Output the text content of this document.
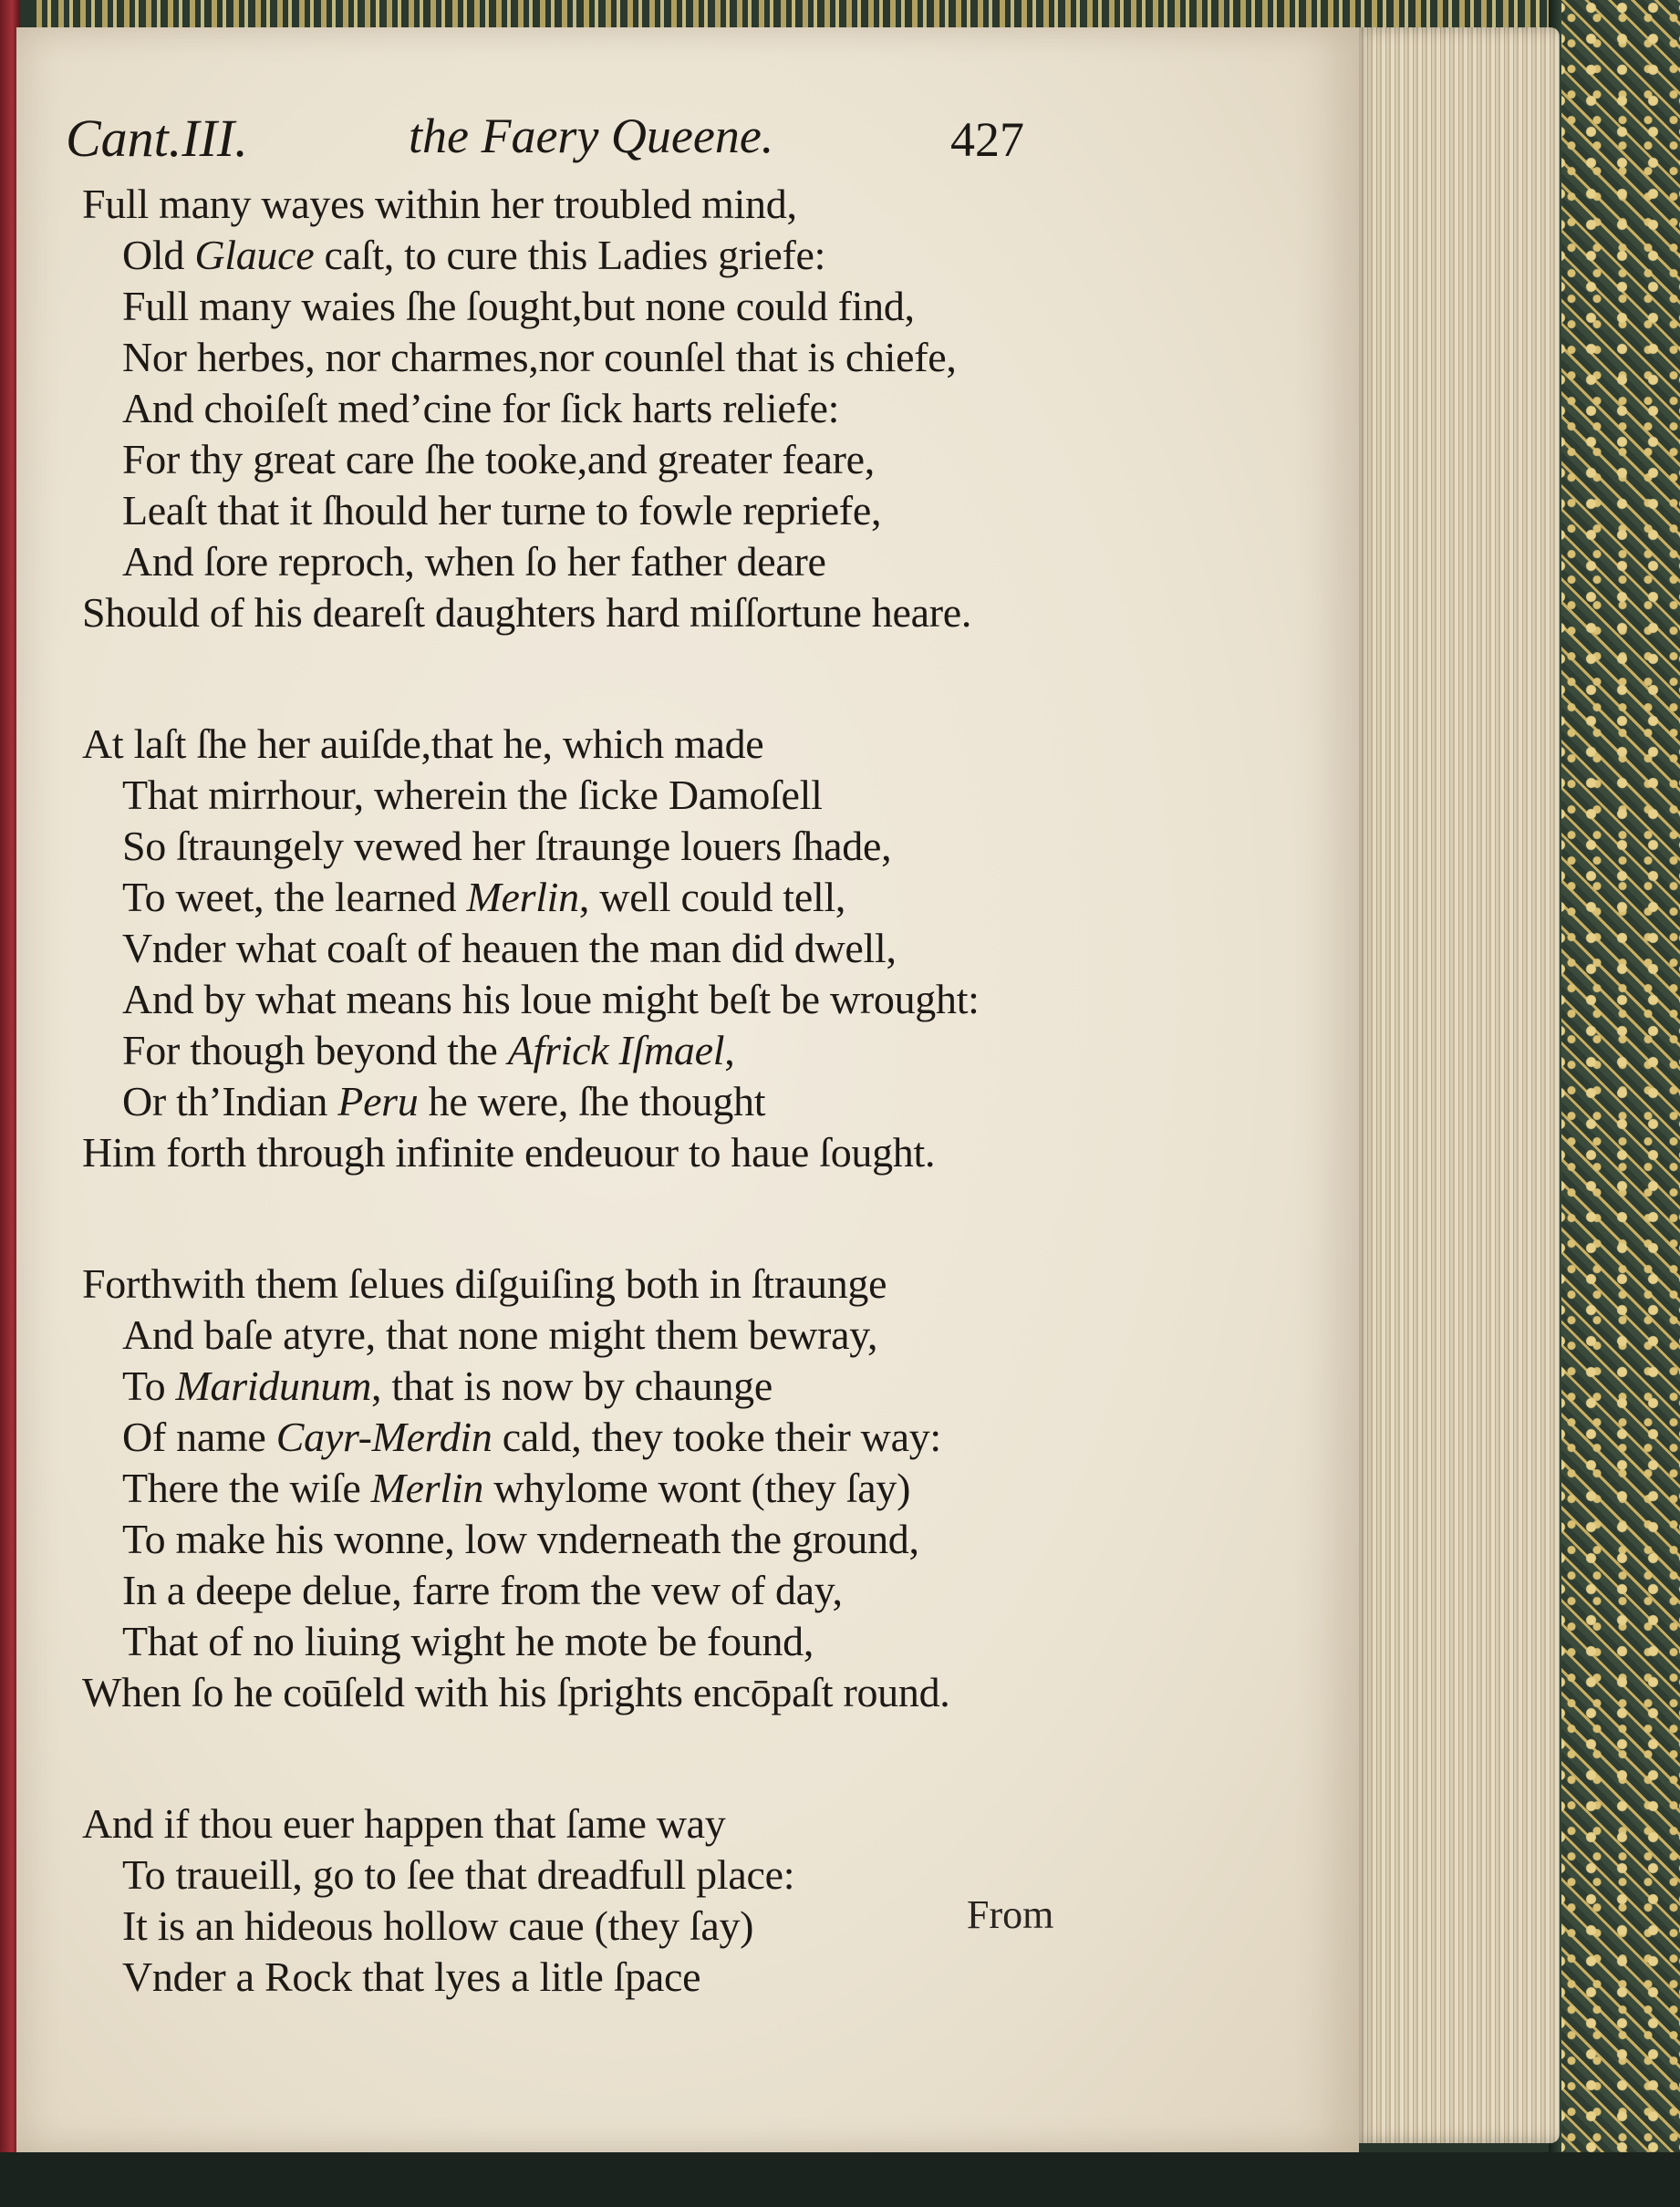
Cant.III.	the Faery Queene.	427
Full many wayes within her troubled mind,
Old Glauce caſt, to cure this Ladies griefe:
Full many waies ſhe ſought,but none could find,
Nor herbes, nor charmes,nor counſel that is chiefe,
And choiſeſt med’cine for ſick harts reliefe:
For thy great care ſhe tooke,and greater feare,
Leaſt that it ſhould her turne to fowle repriefe,
And ſore reproch, when ſo her father deare
Should of his deareſt daughters hard miſſortune heare.
At laſt ſhe her auiſde,that he, which made
That mirrhour, wherein the ſicke Damoſell
So ſtraungely vewed her ſtraunge louers ſhade,
To weet, the learned Merlin, well could tell,
Vnder what coaſt of heauen the man did dwell,
And by what means his loue might beſt be wrought:
For though beyond the Africk Iſmael,
Or th’Indian Peru he were, ſhe thought
Him forth through infinite endeuour to haue ſought.
Forthwith them ſelues diſguiſing both in ſtraunge
And baſe atyre, that none might them bewray,
To Maridunum, that is now by chaunge
Of name Cayr-Merdin cald, they tooke their way:
There the wiſe Merlin whylome wont (they ſay)
To make his wonne, low vnderneath the ground,
In a deepe delue, farre from the vew of day,
That of no liuing wight he mote be found,
When ſo he coūſeld with his ſprights encōpaſt round.
And if thou euer happen that ſame way
To traueill, go to ſee that dreadfull place:
It is an hideous hollow caue (they ſay)
Vnder a Rock that lyes a litle ſpace
From
